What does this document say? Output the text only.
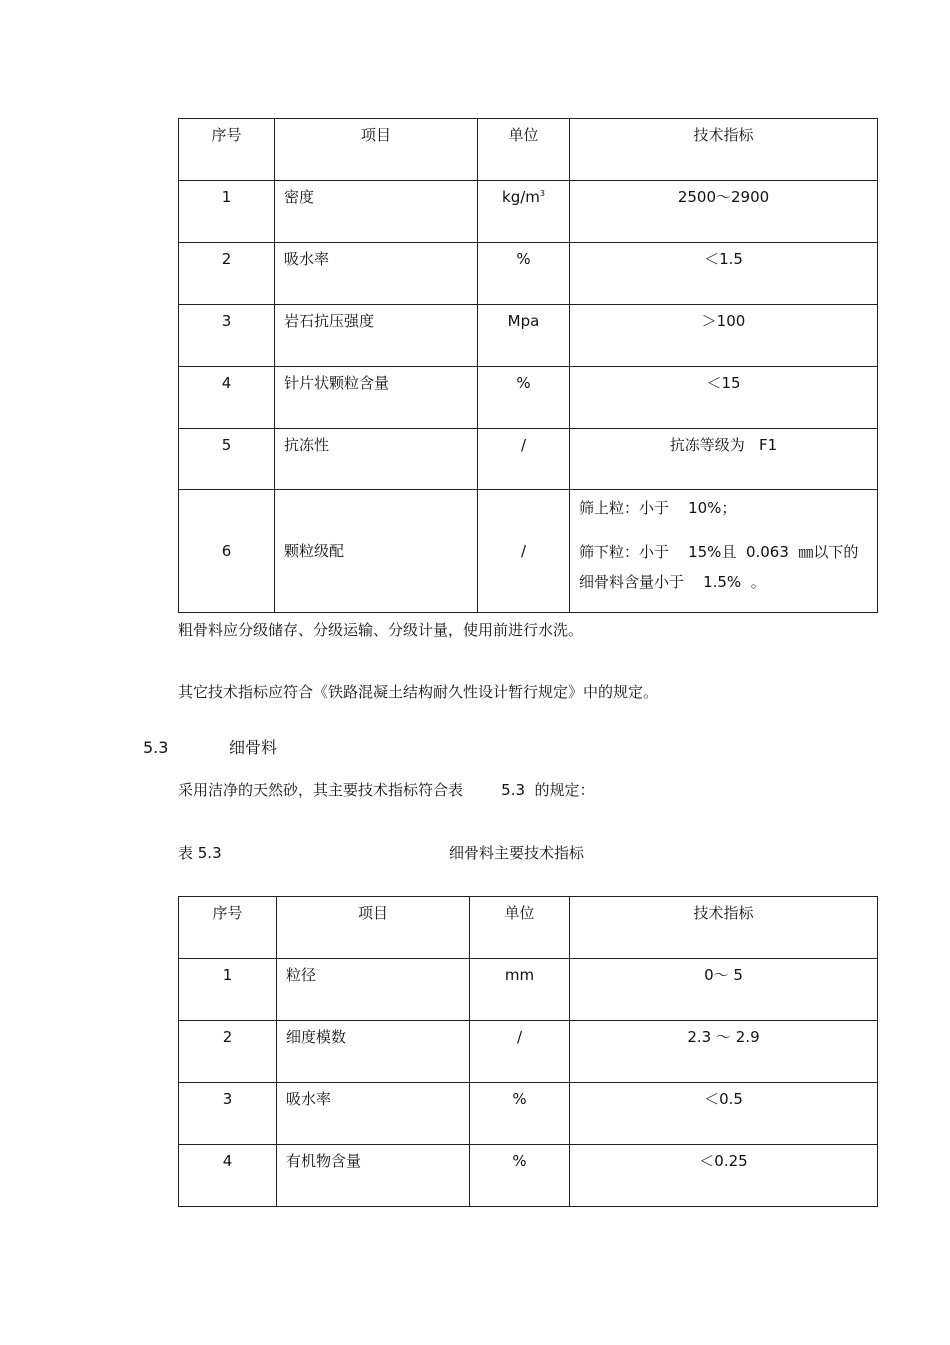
序号	项目	单位	技术指标

1	密度	$kg/m^3$	2500～2900

2	吸水率	%	＜1.5

3	岩石抗压强度	Mpa	＞100

4	针片状颗粒含量	%	＜15

5	抗冻性	/	抗冻等级为   F1

6	颗粒级配	/	筛上粒：小于    10%；
筛下粒：小于    15%且  0.063  ㎜以下的
细骨料含量小于    1.5%  。
粗骨料应分级储存、分级运输、分级计量，使用前进行水洗。
其它技术指标应符合《铁路混凝土结构耐久性设计暂行规定》中的规定。
5.3	细骨料
采用洁净的天然砂，其主要技术指标符合表        5.3  的规定：
表 5.3	细骨料主要技术指标
序号	项目	单位	技术指标

1	粒径	mm	0～ 5

2	细度模数	/	2.3 ～ 2.9

3	吸水率	%	＜0.5

4	有机物含量	%	＜0.25
